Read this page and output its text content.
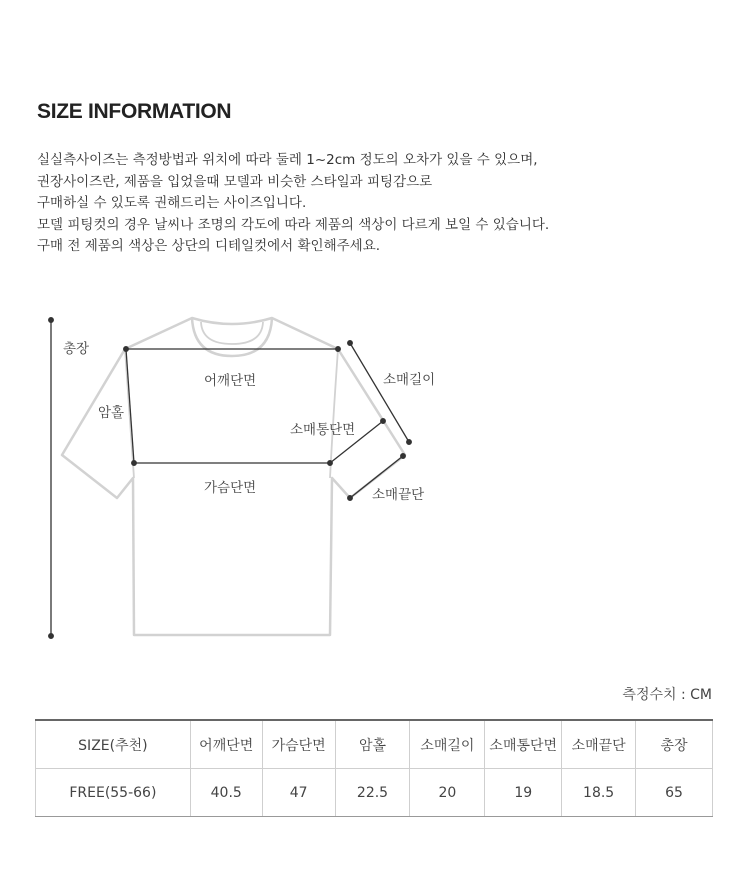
SIZE INFORMATION
실실측사이즈는 측정방법과 위치에 따라 둘레 1~2cm 정도의 오차가 있을 수 있으며,
권장사이즈란, 제품을 입었을때 모델과 비슷한 스타일과 피팅감으로
구매하실 수 있도록 권해드리는 사이즈입니다.
모델 피팅컷의 경우 날씨나 조명의 각도에 따라 제품의 색상이 다르게 보일 수 있습니다.
구매 전 제품의 색상은 상단의 디테일컷에서 확인해주세요.
총장
암홀
어깨단면
가슴단면
소매길이
소매통단면
소매끝단
측정수치 : CM
SIZE(추천)	어깨단면	가슴단면	암홀	소매길이	소매통단면	소매끝단	총장
FREE(55-66)	40.5	47	22.5	20	19	18.5	65
